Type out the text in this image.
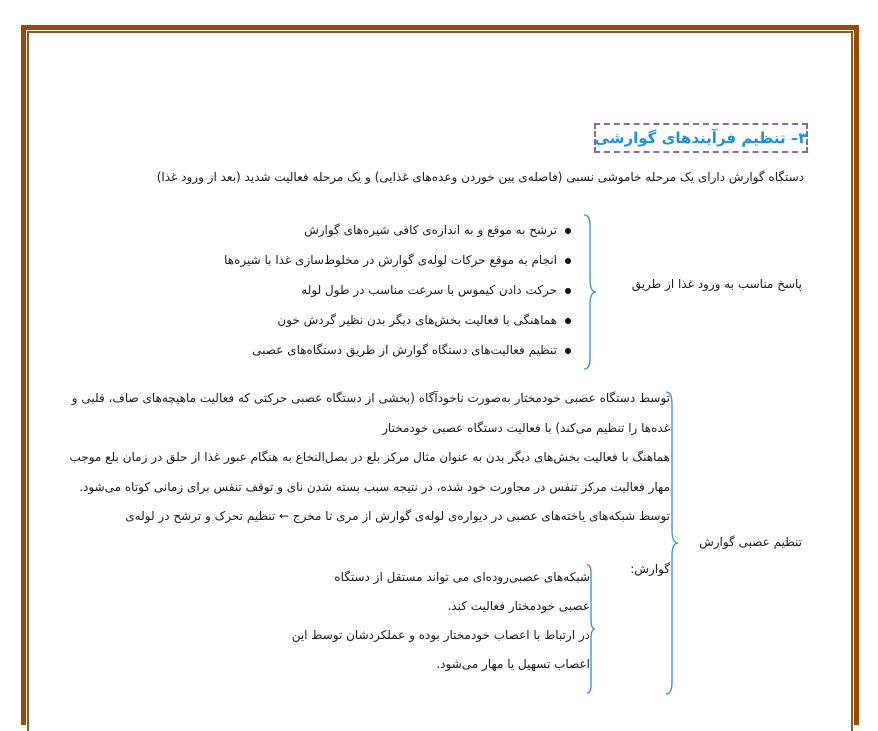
۳– تنظیم فرآیندهای گوارشی
دستگاه گوارش دارای یک مرحله خاموشی نسبی (فاصله‌ی بین خوردن وعده‌های غذایی) و یک مرحله فعالیت شدید (بعد از ورود غذا)
پاسخ مناسب به ورود غذا از طریق
ترشح به موقع و به اندازه‌ی کافی شیره‌های گوارش
انجام به موقع حرکات لوله‌ی گوارش در مخلوط‌سازی غذا با شیره‌ها
حرکت دادن کیموس با سرعت مناسب در طول لوله
هماهنگی با فعالیت بخش‌های دیگر بدن نظیر گردش خون
تنظیم فعالیت‌های دستگاه گوارش از طریق دستگاه‌های عصبی
تنظیم عصبی گوارش

توسط دستگاه عصبی خودمختار به‌صورت ناخودآگاه (بخشی از دستگاه عصبی حرکتی که فعالیت ماهیچه‌های صاف، قلبی و غده‌ها را تنظیم می‌کند) با فعالیت دستگاه عصبی خودمختار

هماهنگ با فعالیت بخش‌های دیگر بدن به عنوان مثال مرکز بلع در بصل‌النخاع به هنگام عبور غذا از حلق در زمان بلع موجب مهار فعالیت مرکز تنفس در مجاورت خود شده، در نتیجه سبب بسته شدن نای و توقف تنفس برای زمانی کوتاه می‌شود.

توسط شبکه‌های یاخته‌های عصبی در دیواره‌ی لوله‌ی گوارش از مری تا مخرج ← تنظیم تحرک و ترشح در لوله‌ی

گوارش:

شبکه‌های عصبی‌روده‌ای می تواند مستقل از دستگاه

عصبی خودمختار فعالیت کند.

در ارتباط با اعصاب خودمختار بوده و عملکردشان توسط این

اعصاب تسهیل یا مهار می‌شود.
